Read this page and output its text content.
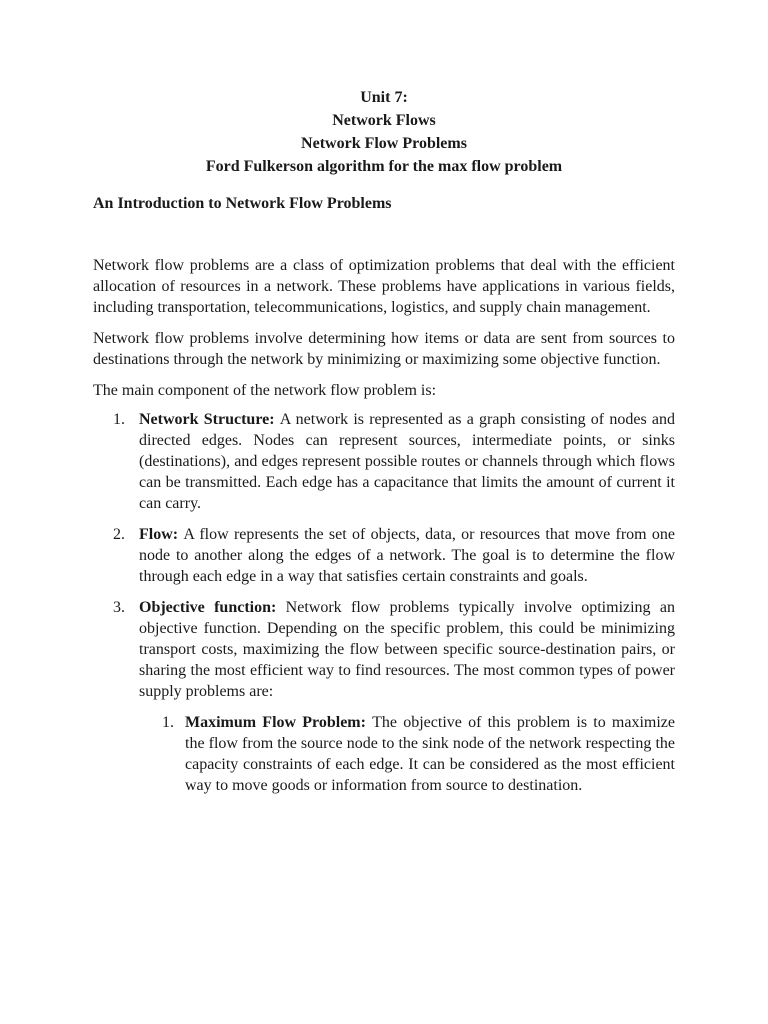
Unit 7:
Network Flows
Network Flow Problems
Ford Fulkerson algorithm for the max flow problem
An Introduction to Network Flow Problems

Network flow problems are a class of optimization problems that deal with the efficient allocation of resources in a network. These problems have applications in various fields, including transportation, telecommunications, logistics, and supply chain management.

Network flow problems involve determining how items or data are sent from sources to destinations through the network by minimizing or maximizing some objective function.

The main component of the network flow problem is:

1. Network Structure: A network is represented as a graph consisting of nodes and directed edges. Nodes can represent sources, intermediate points, or sinks (destinations), and edges represent possible routes or channels through which flows can be transmitted. Each edge has a capacitance that limits the amount of current it can carry.
2. Flow: A flow represents the set of objects, data, or resources that move from one node to another along the edges of a network. The goal is to determine the flow through each edge in a way that satisfies certain constraints and goals.
3. Objective function: Network flow problems typically involve optimizing an objective function. Depending on the specific problem, this could be minimizing transport costs, maximizing the flow between specific source-destination pairs, or sharing the most efficient way to find resources. The most common types of power supply problems are:
1. Maximum Flow Problem: The objective of this problem is to maximize the flow from the source node to the sink node of the network respecting the capacity constraints of each edge. It can be considered as the most efficient way to move goods or information from source to destination.
